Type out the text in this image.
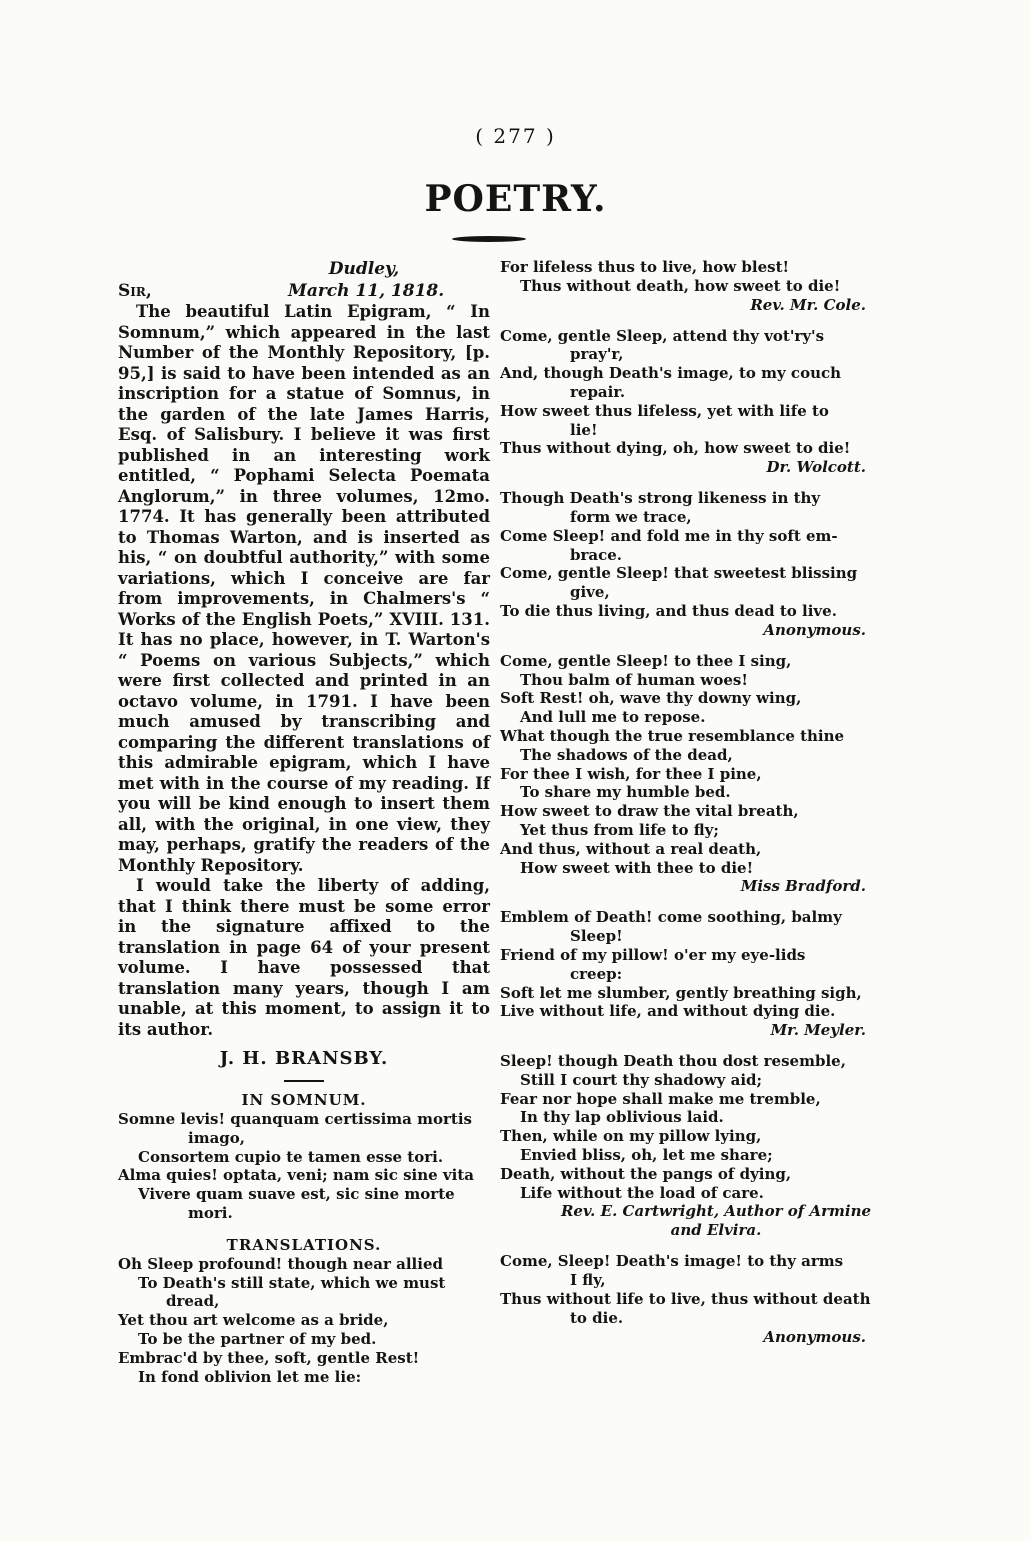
( 277 )
POETRY.
Dudley,
Sir,	March 11, 1818.

The beautiful Latin Epigram, “ In Somnum,” which appeared in the last Number of the Monthly Repository, [p. 95,] is said to have been intended as an inscription for a statue of Somnus, in the garden of the late James Harris, Esq. of Salisbury. I believe it was first published in an interesting work entitled, “ Pophami Selecta Poemata Anglorum,” in three volumes, 12mo. 1774. It has generally been attributed to Thomas Warton, and is inserted as his, “ on doubtful authority,” with some variations, which I conceive are far from improvements, in Chalmers's “ Works of the English Poets,” XVIII. 131. It has no place, however, in T. Warton's “ Poems on various Subjects,” which were first collected and printed in an octavo volume, in 1791. I have been much amused by transcribing and comparing the different translations of this admirable epigram, which I have met with in the course of my reading. If you will be kind enough to insert them all, with the original, in one view, they may, perhaps, gratify the readers of the Monthly Repository.

I would take the liberty of adding, that I think there must be some error in the signature affixed to the translation in page 64 of your present volume. I have possessed that translation many years, though I am unable, at this moment, to assign it to its author.

J. H. BRANSBY.
IN SOMNUM.
Somne levis! quanquam certissima mortis
imago,
Consortem cupio te tamen esse tori.
Alma quies! optata, veni; nam sic sine vita
Vivere quam suave est, sic sine morte
mori.
TRANSLATIONS.
Oh Sleep profound! though near allied
To Death's still state, which we must
dread,
Yet thou art welcome as a bride,
To be the partner of my bed.
Embrac'd by thee, soft, gentle Rest!
In fond oblivion let me lie:
For lifeless thus to live, how blest!
Thus without death, how sweet to die!
Rev. Mr. Cole.
Come, gentle Sleep, attend thy vot'ry's
pray'r,
And, though Death's image, to my couch
repair.
How sweet thus lifeless, yet with life to
lie!
Thus without dying, oh, how sweet to die!
Dr. Wolcott.
Though Death's strong likeness in thy
form we trace,
Come Sleep! and fold me in thy soft em-
brace.
Come, gentle Sleep! that sweetest blissing
give,
To die thus living, and thus dead to live.
Anonymous.
Come, gentle Sleep! to thee I sing,
Thou balm of human woes!
Soft Rest! oh, wave thy downy wing,
And lull me to repose.
What though the true resemblance thine
The shadows of the dead,
For thee I wish, for thee I pine,
To share my humble bed.
How sweet to draw the vital breath,
Yet thus from life to fly;
And thus, without a real death,
How sweet with thee to die!
Miss Bradford.
Emblem of Death! come soothing, balmy
Sleep!
Friend of my pillow! o'er my eye-lids
creep:
Soft let me slumber, gently breathing sigh,
Live without life, and without dying die.
Mr. Meyler.
Sleep! though Death thou dost resemble,
Still I court thy shadowy aid;
Fear nor hope shall make me tremble,
In thy lap oblivious laid.
Then, while on my pillow lying,
Envied bliss, oh, let me share;
Death, without the pangs of dying,
Life without the load of care.
Rev. E. Cartwright, Author of Armine and Elvira.
Come, Sleep! Death's image! to thy arms
I fly,
Thus without life to live, thus without death
to die.
Anonymous.
